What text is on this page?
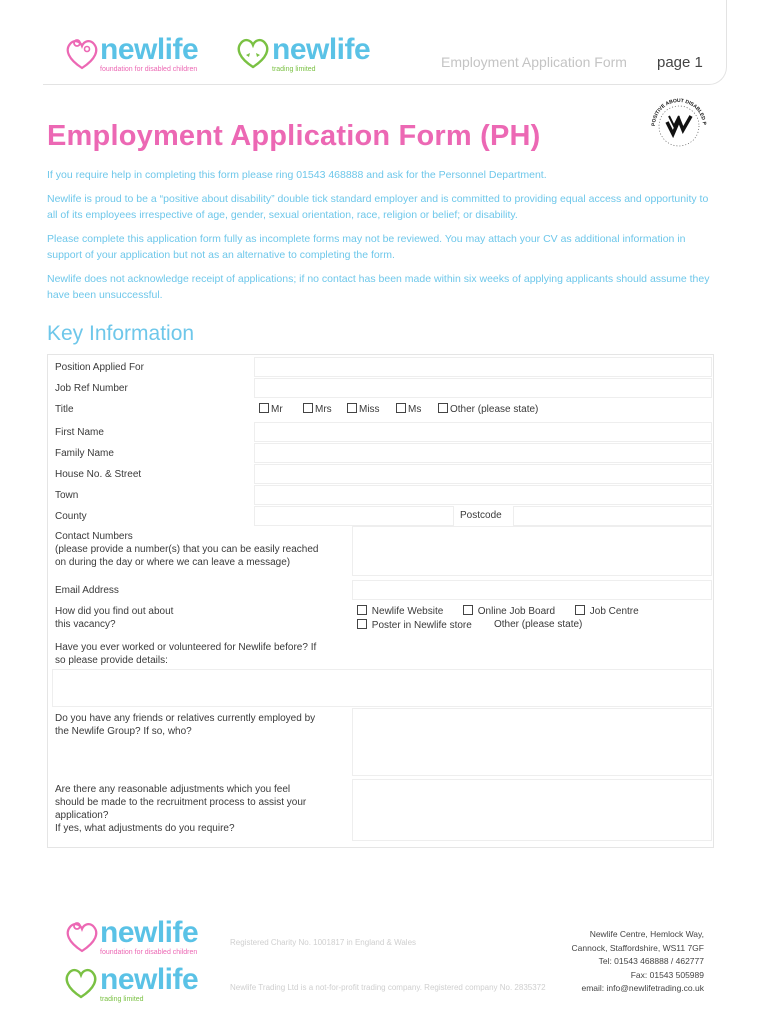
newlife
foundation for disabled children
newlife
trading limited	Employment Application Form page 1
POSITIVE ABOUT DISABLED P
Employment Application Form (PH)

If you require help in completing this form please ring 01543 468888 and ask for the Personnel Department.

Newlife is proud to be a “positive about disability” double tick standard employer and is committed to providing equal access and opportunity to all of its employees irrespective of age, gender, sexual orientation, race, religion or belief; or disability.

Please complete this application form fully as incomplete forms may not be reviewed. You may attach your CV as additional information in support of your application but not as an alternative to completing the form.

Newlife does not acknowledge receipt of applications; if no contact has been made within six weeks of applying applicants should assume they have been unsuccessful.

Key Information
Position Applied For
Job Ref Number
Title	Mr	Mrs	Miss	Ms	Other (please state)
First Name
Family Name
House No. & Street
Town
County	Postcode
Contact Numbers
(please provide a number(s) that you can be easily reached
on during the day or where we can leave a message)
Email Address
How did you find out about
this vacancy?
Newlife Website	Online Job Board	Job Centre
Poster in Newlife store Other (please state)
Have you ever worked or volunteered for Newlife before? If
so please provide details:
Do you have any friends or relatives currently employed by
the Newlife Group? If so, who?
Are there any reasonable adjustments which you feel
should be made to the recruitment process to assist your
application?
If yes, what adjustments do you require?
newlife
foundation for disabled children
newlife
trading limited
Registered Charity No. 1001817 in England & Wales
Newlife Trading Ltd is a not-for-profit trading company. Registered company No. 2835372
Newlife Centre, Hemlock Way,
Cannock, Staffordshire, WS11 7GF
Tel: 01543 468888 / 462777
Fax: 01543 505989
email: info@newlifetrading.co.uk
